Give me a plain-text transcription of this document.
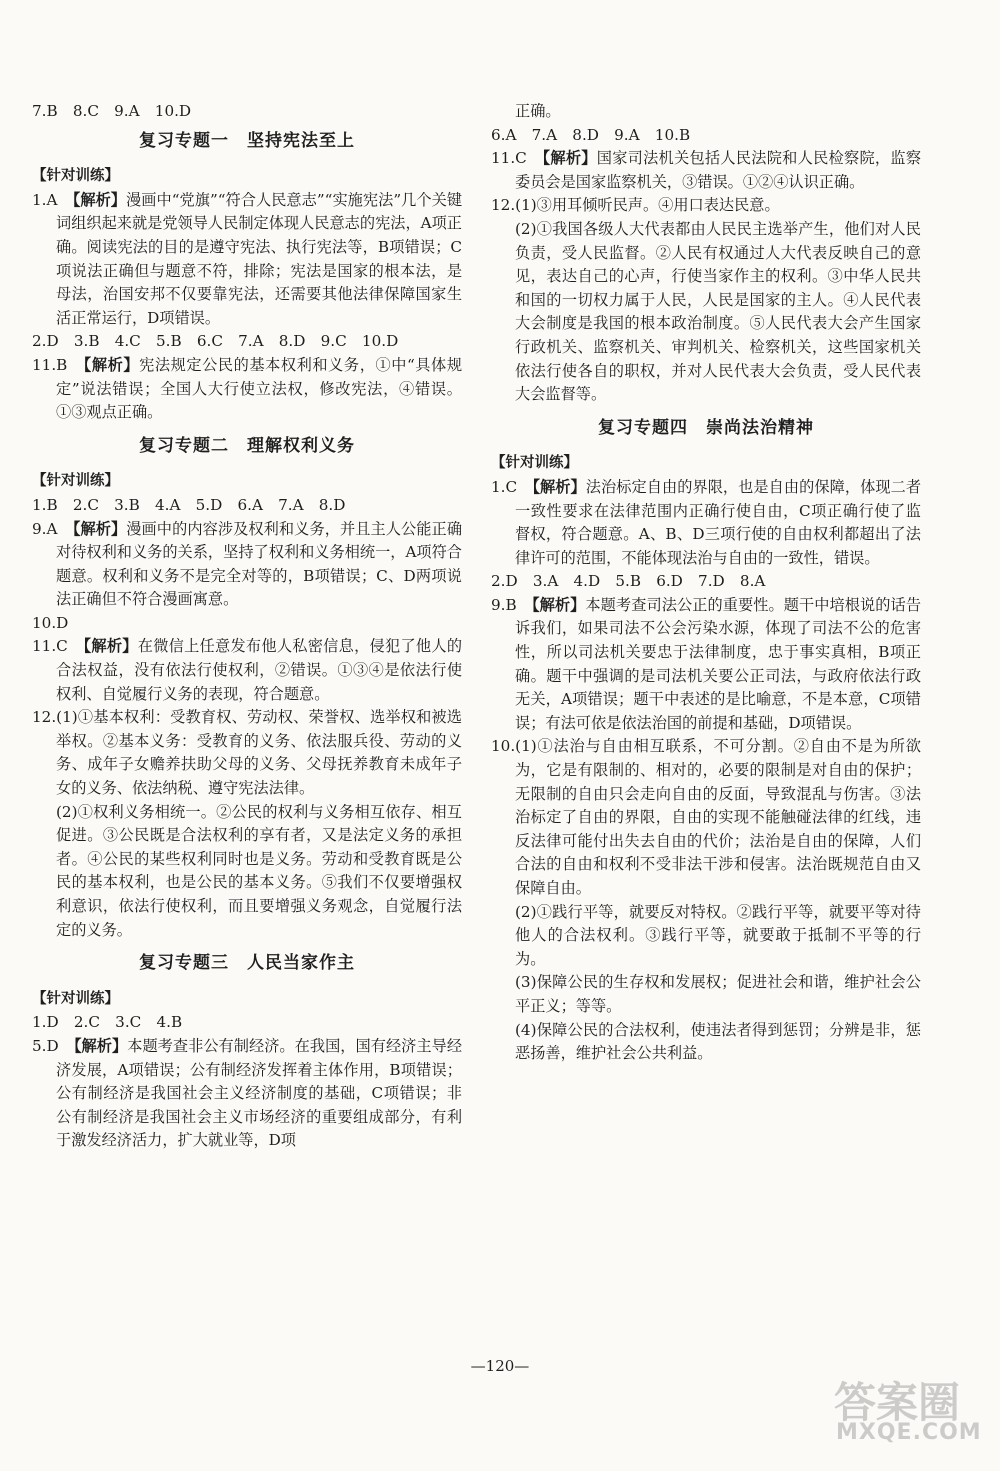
7.B　8.C　9.A　10.D

复习专题一　坚持宪法至上

【针对训练】

1.A　 【解析】漫画中“党旗”“符合人民意志”“实施宪法”几个关键词组织起来就是党领导人民制定体现人民意志的宪法，A项正确。阅读宪法的目的是遵守宪法、执行宪法等，B项错误；C项说法正确但与题意不符，排除；宪法是国家的根本法，是母法，治国安邦不仅要靠宪法，还需要其他法律保障国家生活正常运行，D项错误。

2.D　3.B　4.C　5.B　6.C　7.A　8.D　9.C　10.D

11.B　 【解析】宪法规定公民的基本权利和义务，①中“具体规定”说法错误；全国人大行使立法权，修改宪法，④错误。①③观点正确。

复习专题二　理解权利义务

【针对训练】

1.B　2.C　3.B　4.A　5.D　6.A　7.A　8.D

9.A　 【解析】漫画中的内容涉及权利和义务，并且主人公能正确对待权利和义务的关系，坚持了权利和义务相统一，A项符合题意。权利和义务不是完全对等的，B项错误；C、D两项说法正确但不符合漫画寓意。

10.D

11.C　 【解析】在微信上任意发布他人私密信息，侵犯了他人的合法权益，没有依法行使权利，②错误。①③④是依法行使权利、自觉履行义务的表现，符合题意。

12.(1)①基本权利：受教育权、劳动权、荣誉权、选举权和被选举权。②基本义务：受教育的义务、依法服兵役、劳动的义务、成年子女赡养扶助父母的义务、父母抚养教育未成年子女的义务、依法纳税、遵守宪法法律。

(2)①权利义务相统一。②公民的权利与义务相互依存、相互促进。③公民既是合法权利的享有者，又是法定义务的承担者。④公民的某些权利同时也是义务。劳动和受教育既是公民的基本权利，也是公民的基本义务。⑤我们不仅要增强权利意识，依法行使权利，而且要增强义务观念，自觉履行法定的义务。

复习专题三　人民当家作主

【针对训练】

1.D　2.C　3.C　4.B

5.D　 【解析】本题考查非公有制经济。在我国，国有经济主导经济发展，A项错误；公有制经济发挥着主体作用，B项错误；公有制经济是我国社会主义经济制度的基础，C项错误；非公有制经济是我国社会主义市场经济的重要组成部分，有利于激发经济活力，扩大就业等，D项

正确。

6.A　7.A　8.D　9.A　10.B

11.C　 【解析】国家司法机关包括人民法院和人民检察院，监察委员会是国家监察机关，③错误。①②④认识正确。

12.(1)③用耳倾听民声。④用口表达民意。

(2)①我国各级人大代表都由人民民主选举产生，他们对人民负责，受人民监督。②人民有权通过人大代表反映自己的意见，表达自己的心声，行使当家作主的权利。③中华人民共和国的一切权力属于人民，人民是国家的主人。④人民代表大会制度是我国的根本政治制度。⑤人民代表大会产生国家行政机关、监察机关、审判机关、检察机关，这些国家机关依法行使各自的职权，并对人民代表大会负责，受人民代表大会监督等。

复习专题四　崇尚法治精神

【针对训练】

1.C　 【解析】法治标定自由的界限，也是自由的保障，体现二者一致性要求在法律范围内正确行使自由，C项正确行使了监督权，符合题意。A、B、D三项行使的自由权利都超出了法律许可的范围，不能体现法治与自由的一致性，错误。

2.D　3.A　4.D　5.B　6.D　7.D　8.A

9.B　 【解析】本题考查司法公正的重要性。题干中培根说的话告诉我们，如果司法不公会污染水源，体现了司法不公的危害性，所以司法机关要忠于法律制度，忠于事实真相，B项正确。题干中强调的是司法机关要公正司法，与政府依法行政无关，A项错误；题干中表述的是比喻意，不是本意，C项错误；有法可依是依法治国的前提和基础，D项错误。

10.(1)①法治与自由相互联系，不可分割。②自由不是为所欲为，它是有限制的、相对的，必要的限制是对自由的保护；无限制的自由只会走向自由的反面，导致混乱与伤害。③法治标定了自由的界限，自由的实现不能触碰法律的红线，违反法律可能付出失去自由的代价；法治是自由的保障，人们合法的自由和权利不受非法干涉和侵害。法治既规范自由又保障自由。

(2)①践行平等，就要反对特权。②践行平等，就要平等对待他人的合法权利。③践行平等，就要敢于抵制不平等的行为。

(3)保障公民的生存权和发展权；促进社会和谐，维护社会公平正义；等等。

(4)保障公民的合法权利，使违法者得到惩罚；分辨是非，惩恶扬善，维护社会公共利益。

—120—
答案圈
MXQE.COM
